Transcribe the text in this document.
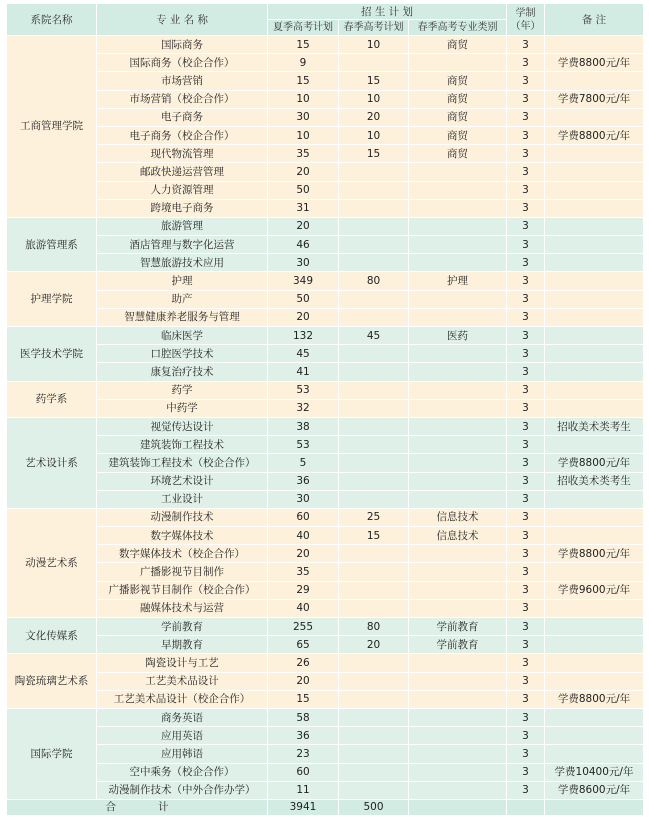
系院名称	专 业 名 称	招 生 计 划			学制（年）	备 注
		夏季高考计划	春季高考计划	春季高考专业类别		
工商管理学院	国际商务	15	10	商贸	3	
	国际商务（校企合作）	9			3	学费8800元/年
	市场营销	15	15	商贸	3	
	市场营销（校企合作）	10	10	商贸	3	学费7800元/年
	电子商务	30	20	商贸	3	
	电子商务（校企合作）	10	10	商贸	3	学费8800元/年
	现代物流管理	35	15	商贸	3	
	邮政快递运营管理	20			3	
	人力资源管理	50			3	
	跨境电子商务	31			3	
旅游管理系	旅游管理	20			3	
	酒店管理与数字化运营	46			3	
	智慧旅游技术应用	30			3	
护理学院	护理	349	80	护理	3	
	助产	50			3	
	智慧健康养老服务与管理	20			3	
医学技术学院	临床医学	132	45	医药	3	
	口腔医学技术	45			3	
	康复治疗技术	41			3	
药学系	药学	53			3	
	中药学	32			3	
艺术设计系	视觉传达设计	38			3	招收美术类考生
	建筑装饰工程技术	53			3	
	建筑装饰工程技术（校企合作）	5			3	学费8800元/年
	环境艺术设计	36			3	招收美术类考生
	工业设计	30			3	
动漫艺术系	动漫制作技术	60	25	信息技术	3	
	数字媒体技术	40	15	信息技术	3	
	数字媒体技术（校企合作）	20			3	学费8800元/年
	广播影视节目制作	35			3	
	广播影视节目制作（校企合作）	29			3	学费9600元/年
	融媒体技术与运营	40			3	
文化传媒系	学前教育	255	80	学前教育	3	
	早期教育	65	20	学前教育	3	
陶瓷琉璃艺术系	陶瓷设计与工艺	26			3	
	工艺美术品设计	20			3	
	工艺美术品设计（校企合作）	15			3	学费8800元/年
国际学院	商务英语	58			3	
	应用英语	36			3	
	应用韩语	23			3	
	空中乘务（校企合作）	60			3	学费10400元/年
	动漫制作技术（中外合作办学）	11			3	学费8600元/年
合　　　　计		3941	500			
